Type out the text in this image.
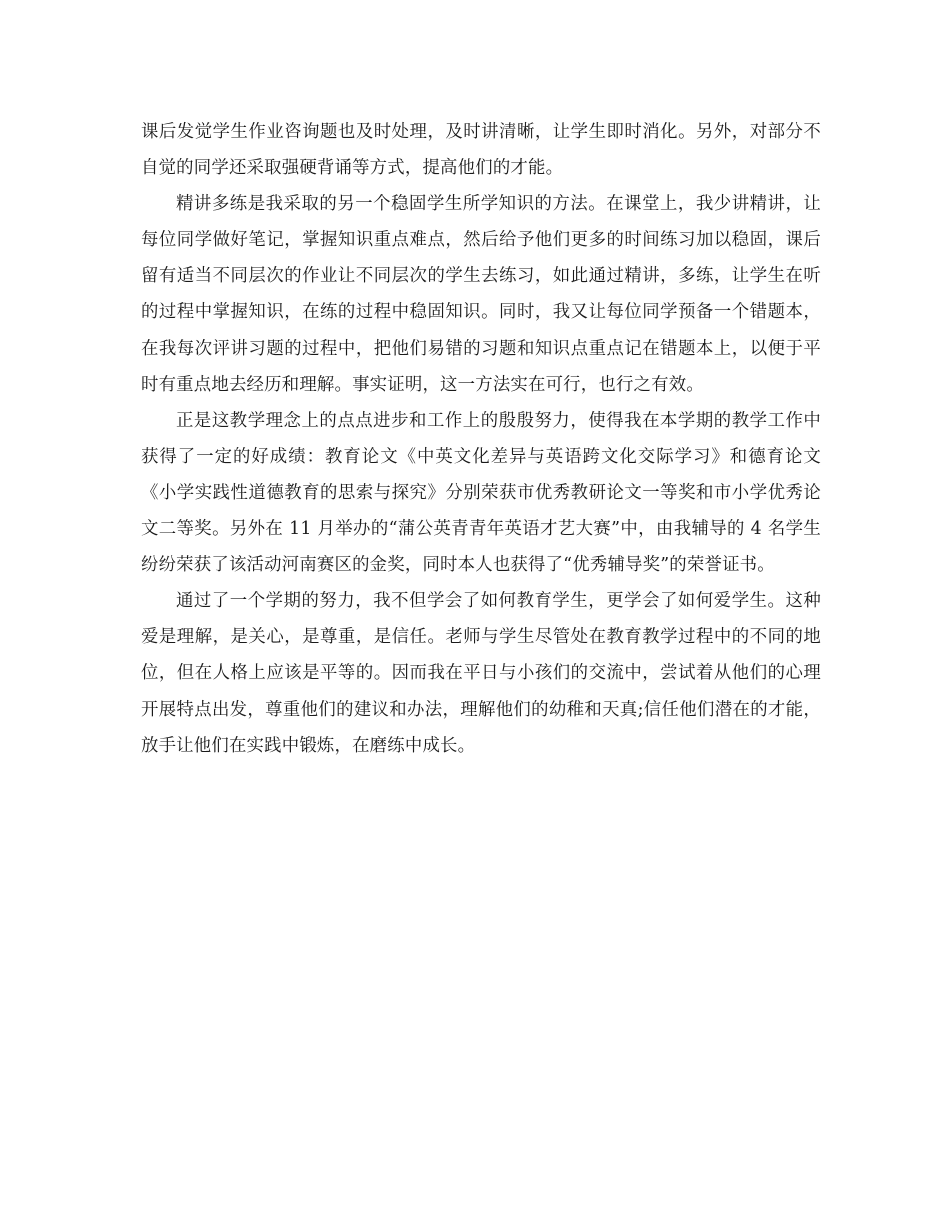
课后发觉学生作业咨询题也及时处理，及时讲清晰，让学生即时消化。另外，对部分不自觉的同学还采取强硬背诵等方式，提高他们的才能。

精讲多练是我采取的另一个稳固学生所学知识的方法。在课堂上，我少讲精讲，让每位同学做好笔记，掌握知识重点难点，然后给予他们更多的时间练习加以稳固，课后留有适当不同层次的作业让不同层次的学生去练习，如此通过精讲，多练，让学生在听的过程中掌握知识，在练的过程中稳固知识。同时，我又让每位同学预备一个错题本，在我每次评讲习题的过程中，把他们易错的习题和知识点重点记在错题本上，以便于平时有重点地去经历和理解。事实证明，这一方法实在可行，也行之有效。

正是这教学理念上的点点进步和工作上的殷殷努力，使得我在本学期的教学工作中获得了一定的好成绩：教育论文《中英文化差异与英语跨文化交际学习》和德育论文《小学实践性道德教育的思索与探究》分别荣获市优秀教研论文一等奖和市小学优秀论文二等奖。另外在 11 月举办的“蒲公英青青年英语才艺大赛”中，由我辅导的 4 名学生纷纷荣获了该活动河南赛区的金奖，同时本人也获得了“优秀辅导奖”的荣誉证书。

通过了一个学期的努力，我不但学会了如何教育学生，更学会了如何爱学生。这种爱是理解，是关心，是尊重，是信任。老师与学生尽管处在教育教学过程中的不同的地位，但在人格上应该是平等的。因而我在平日与小孩们的交流中，尝试着从他们的心理开展特点出发，尊重他们的建议和办法，理解他们的幼稚和天真;信任他们潜在的才能，放手让他们在实践中锻炼，在磨练中成长。
